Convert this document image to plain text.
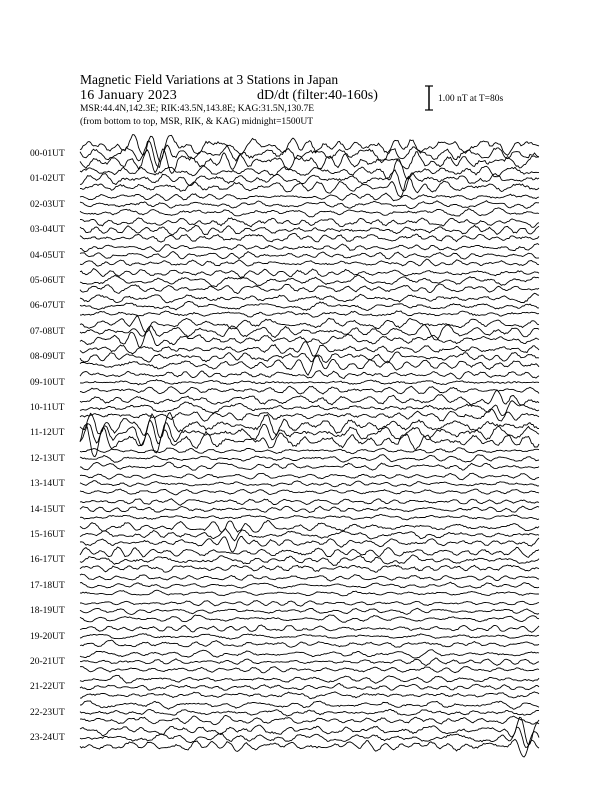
Magnetic Field Variations at 3 Stations in Japan
16 January 2023	dD/dt (filter:40-160s)
MSR:44.4N,142.3E; RIK:43.5N,143.8E; KAG:31.5N,130.7E
(from bottom to top, MSR, RIK, & KAG) midnight=1500UT
1.00 nT at T=80s
00-01UT
01-02UT
02-03UT
03-04UT
04-05UT
05-06UT
06-07UT
07-08UT
08-09UT
09-10UT
10-11UT
11-12UT
12-13UT
13-14UT
14-15UT
15-16UT
16-17UT
17-18UT
18-19UT
19-20UT
20-21UT
21-22UT
22-23UT
23-24UT
